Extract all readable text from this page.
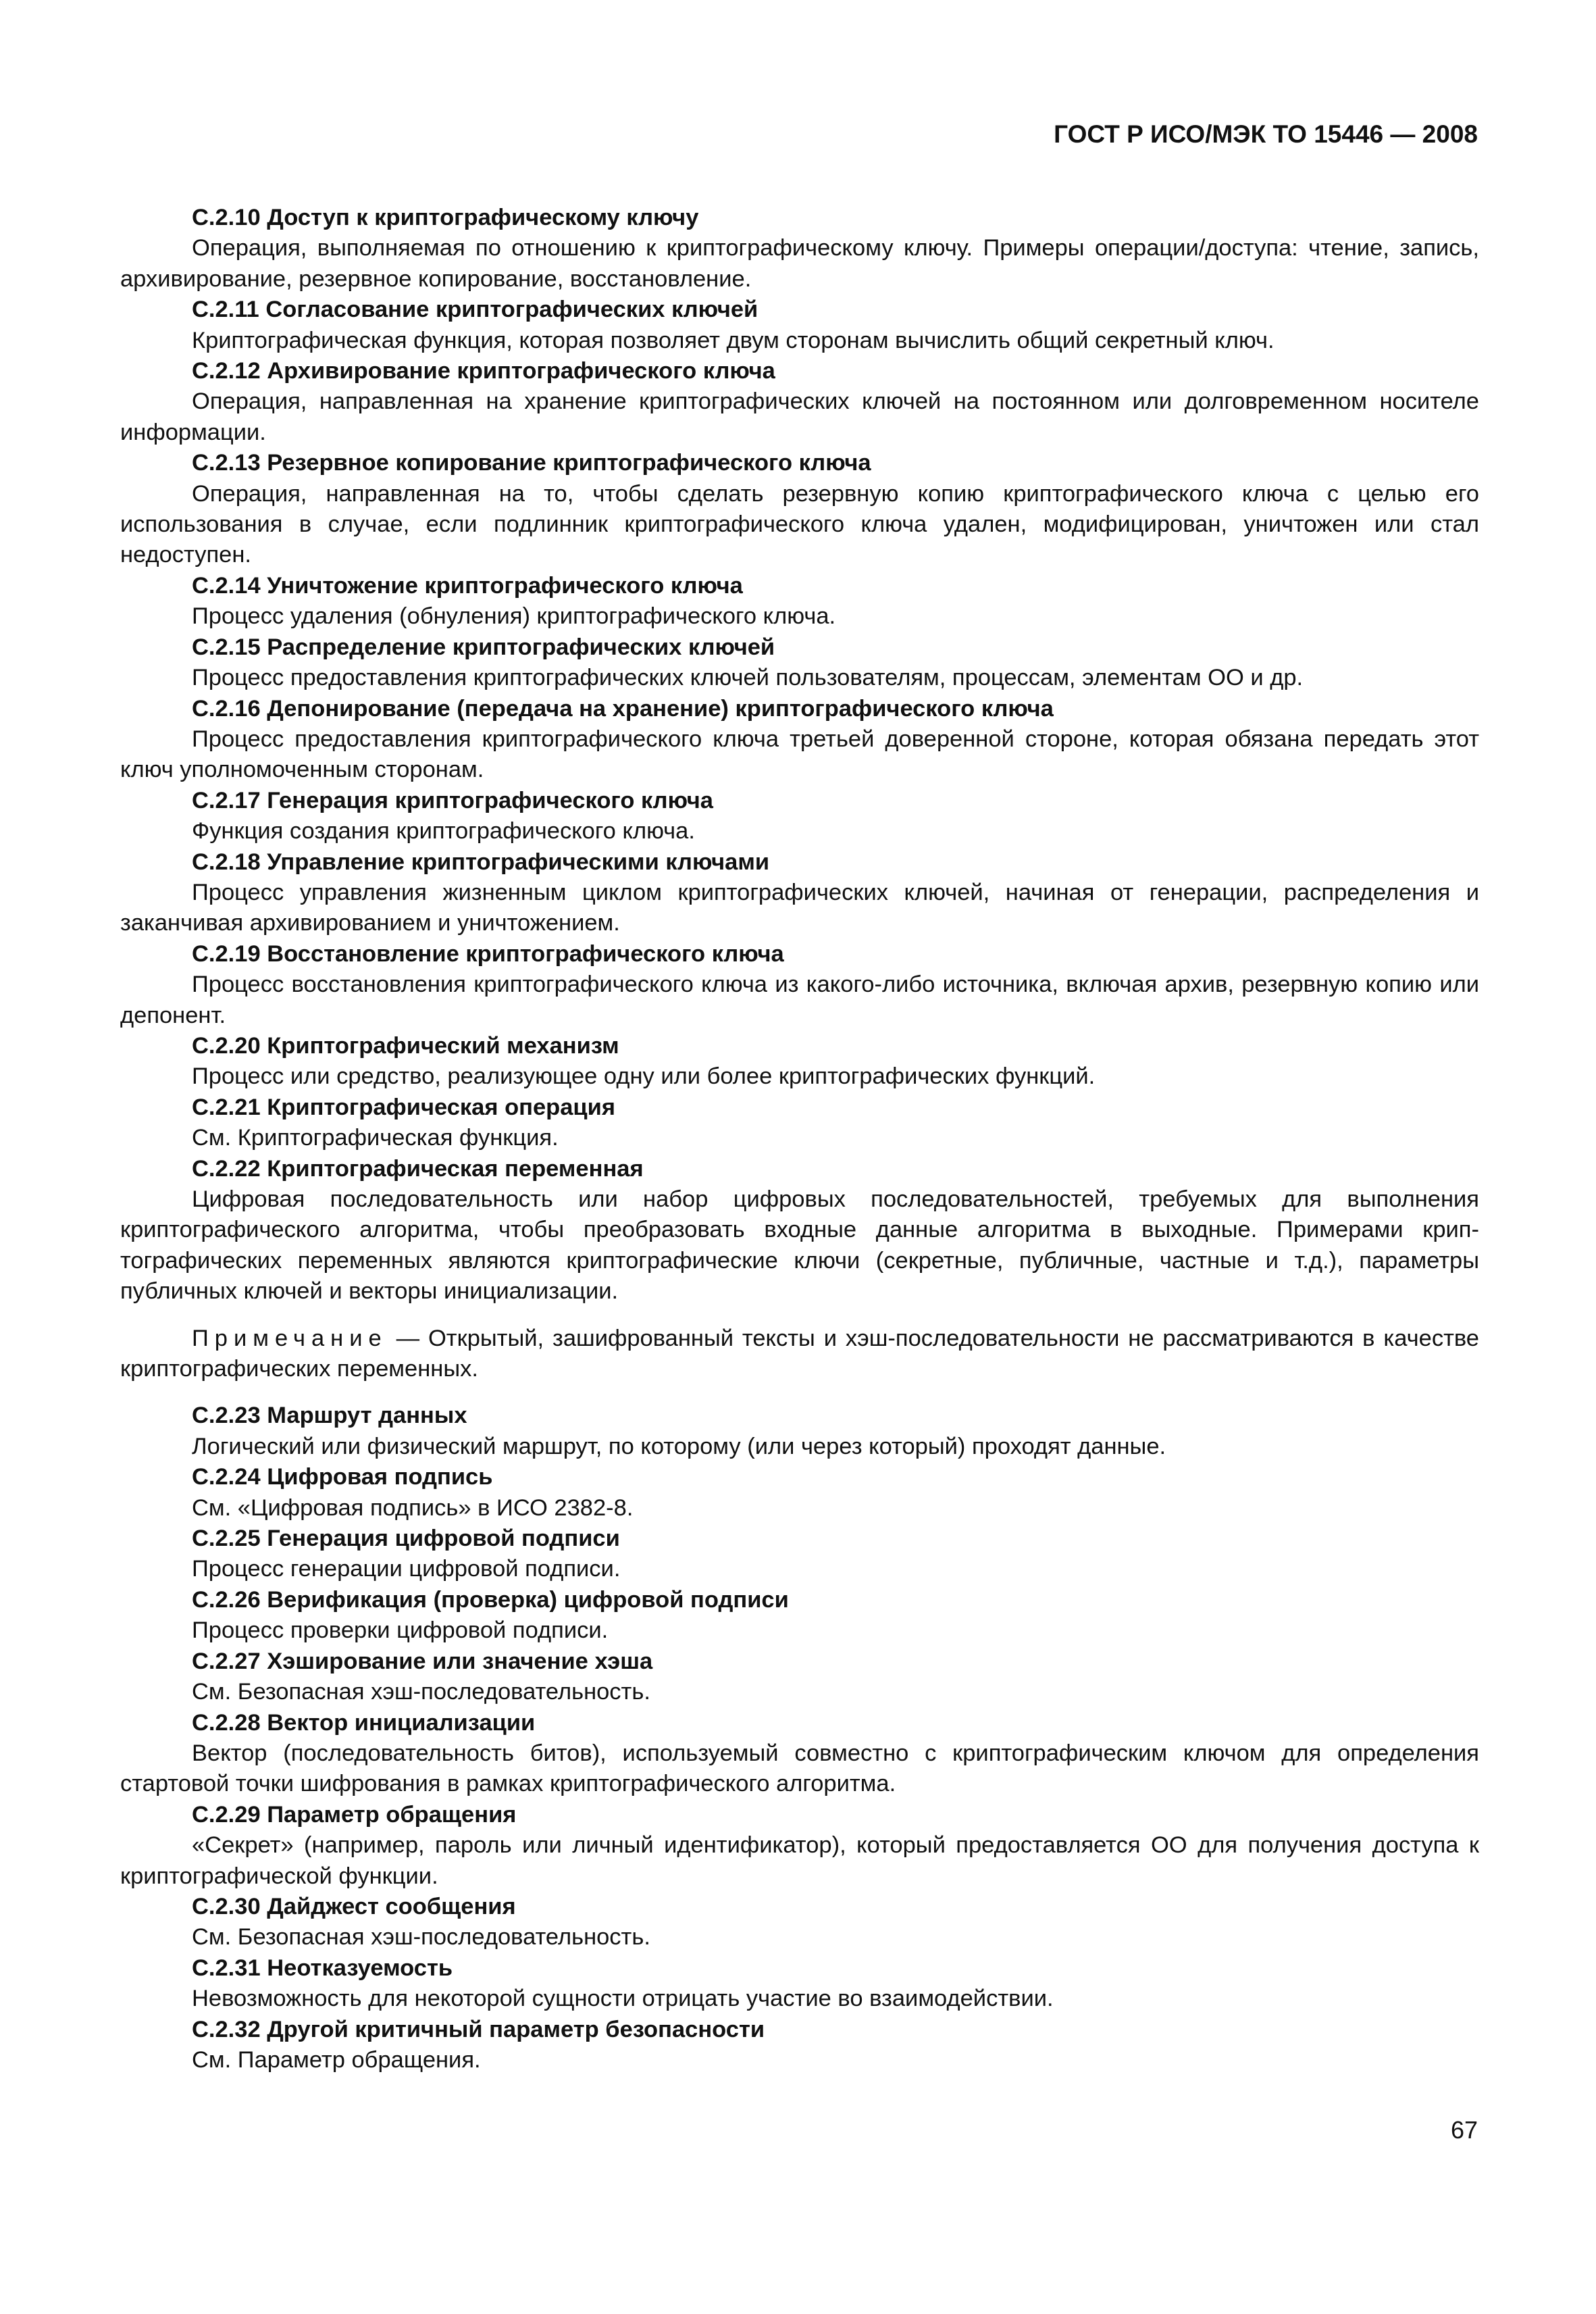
ГОСТ Р ИСО/МЭК ТО 15446 — 2008
С.2.10 Доступ к криптографическому ключу

Операция, выполняемая по отношению к криптографическому ключу. Примеры операции/доступа: чтение, запись, архивирование, резервное копирование, восстановление.

С.2.11 Согласование криптографических ключей

Криптографическая функция, которая позволяет двум сторонам вычислить общий секретный ключ.

С.2.12 Архивирование криптографического ключа

Операция, направленная на хранение криптографических ключей на постоянном или долговременном носителе информации.

С.2.13 Резервное копирование криптографического ключа

Операция, направленная на то, чтобы сделать резервную копию криптографического ключа с целью его использования в случае, если подлинник криптографического ключа удален, модифицирован, уничтожен или стал недоступен.

С.2.14 Уничтожение криптографического ключа

Процесс удаления (обнуления) криптографического ключа.

С.2.15 Распределение криптографических ключей

Процесс предоставления криптографических ключей пользователям, процессам, элементам ОО и др.

С.2.16 Депонирование (передача на хранение) криптографического ключа

Процесс предоставления криптографического ключа третьей доверенной стороне, которая обязана передать этот ключ уполномоченным сторонам.

С.2.17 Генерация криптографического ключа

Функция создания криптографического ключа.

С.2.18 Управление криптографическими ключами

Процесс управления жизненным циклом криптографических ключей, начиная от генерации, распределения и заканчивая архивированием и уничтожением.

С.2.19 Восстановление криптографического ключа

Процесс восстановления криптографического ключа из какого-либо источника, включая архив, резервную копию или депонент.

С.2.20 Криптографический механизм

Процесс или средство, реализующее одну или более криптографических функций.

С.2.21 Криптографическая операция

См. Криптографическая функция.

С.2.22 Криптографическая переменная

Цифровая последовательность или набор цифровых последовательностей, требуемых для выполнения криптографического алгоритма, чтобы преобразовать входные данные алгоритма в выходные. Примерами криптографических переменных являются криптографические ключи (секретные, публичные, частные и т.д.), параметры публичных ключей и векторы инициализации.

Примечание — Открытый, зашифрованный тексты и хэш-последовательности не рассматриваются в качестве криптографических переменных.

С.2.23 Маршрут данных

Логический или физический маршрут, по которому (или через который) проходят данные.

С.2.24 Цифровая подпись

См. «Цифровая подпись» в ИСО 2382-8.

С.2.25 Генерация цифровой подписи

Процесс генерации цифровой подписи.

С.2.26 Верификация (проверка) цифровой подписи

Процесс проверки цифровой подписи.

С.2.27 Хэширование или значение хэша

См. Безопасная хэш-последовательность.

С.2.28 Вектор инициализации

Вектор (последовательность битов), используемый совместно с криптографическим ключом для определения стартовой точки шифрования в рамках криптографического алгоритма.

С.2.29 Параметр обращения

«Секрет» (например, пароль или личный идентификатор), который предоставляется ОО для получения доступа к криптографической функции.

С.2.30 Дайджест сообщения

См. Безопасная хэш-последовательность.

С.2.31 Неотказуемость

Невозможность для некоторой сущности отрицать участие во взаимодействии.

С.2.32 Другой критичный параметр безопасности

См. Параметр обращения.

67
